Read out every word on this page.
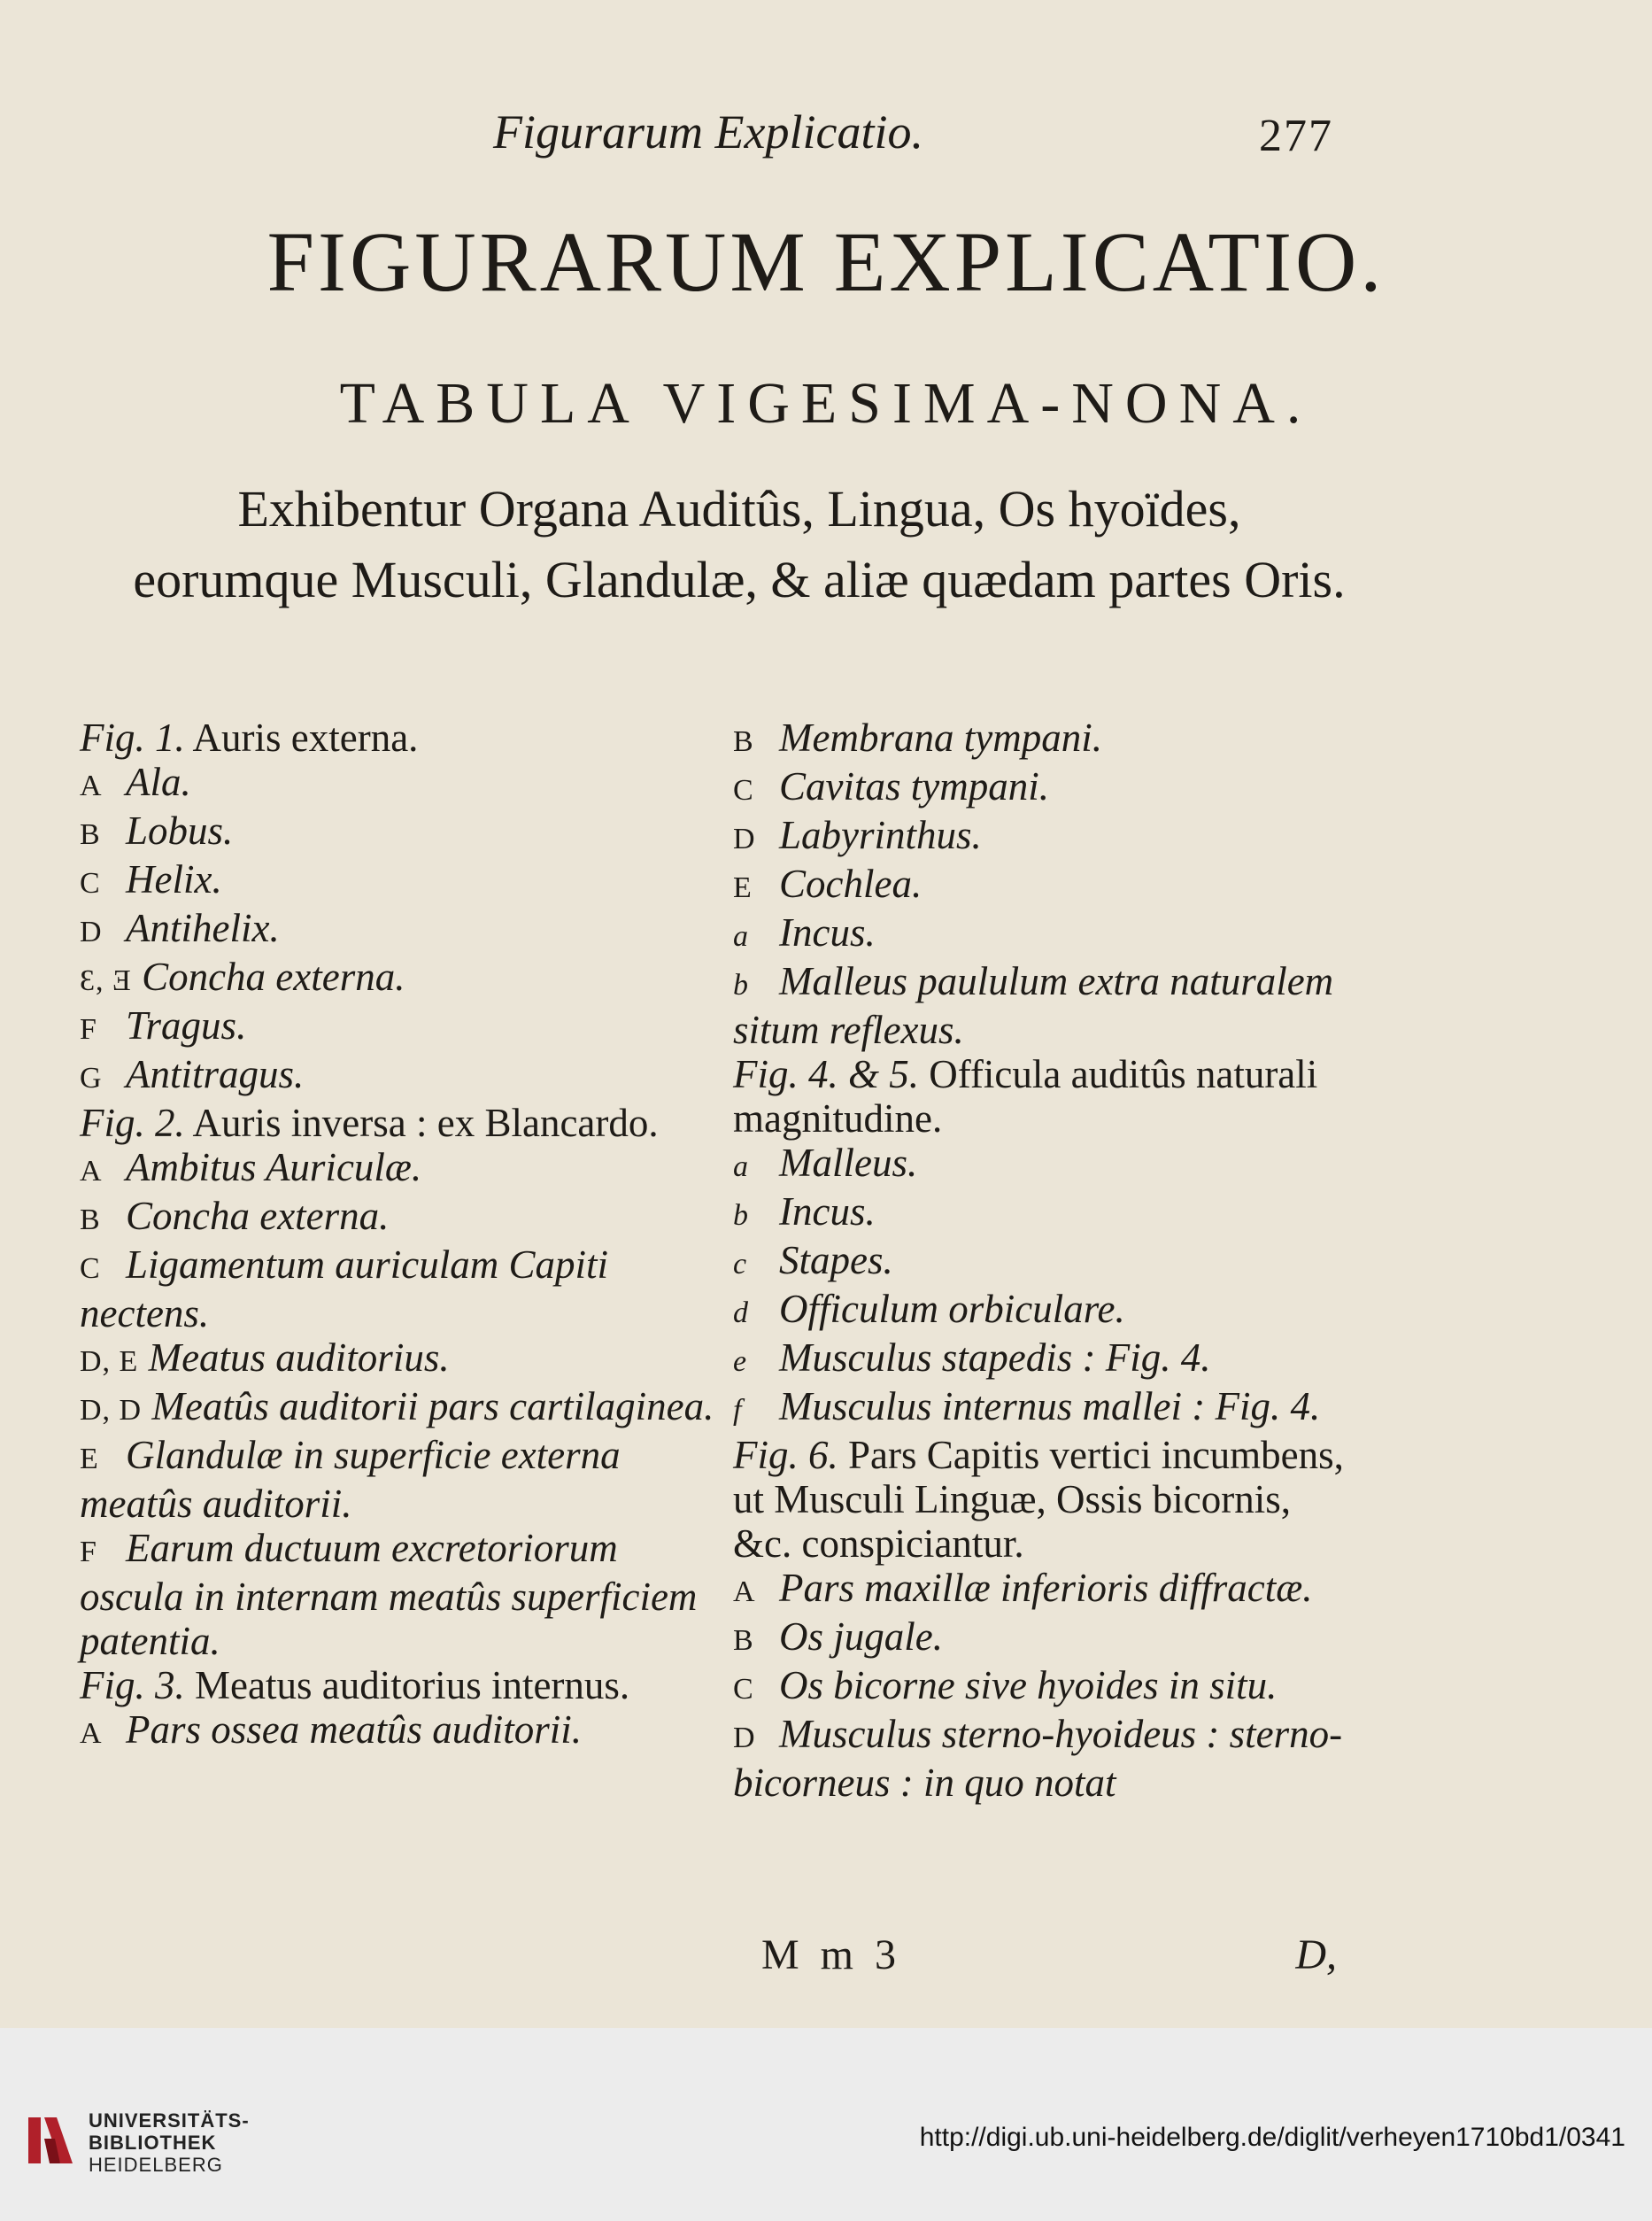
Figurarum Explicatio.	277
FIGURARUM EXPLICATIO.
TABULA VIGESIMA-NONA.
Exhibentur Organa Auditûs, Lingua, Os hyoïdes, eorumque Musculi, Glandulæ, & aliæ quædam partes Oris.
Fig. 1. Auris externa.
A Ala.
B Lobus.
C Helix.
D Antihelix.
Ɛ, Ǝ Concha externa.
F Tragus.
G Antitragus.
Fig. 2. Auris inversa : ex Blancardo.
A Ambitus Auriculæ.
B Concha externa.
C Ligamentum auriculam Capiti nectens.
D, E Meatus auditorius.
D, D Meatûs auditorii pars cartilaginea.
E Glandulæ in superficie externa meatûs auditorii.
F Earum ductuum excretoriorum oscula in internam meatûs superficiem patentia.
Fig. 3. Meatus auditorius internus.
A Pars ossea meatûs auditorii.
B Membrana tympani.
C Cavitas tympani.
D Labyrinthus.
E Cochlea.
a Incus.
b Malleus paululum extra naturalem situm reflexus.
Fig. 4. & 5. Officula auditûs naturali magnitudine.
a Malleus.
b Incus.
c Stapes.
d Officulum orbiculare.
e Musculus stapedis : Fig. 4.
f Musculus internus mallei : Fig. 4.
Fig. 6. Pars Capitis vertici incumbens, ut Musculi Linguæ, Ossis bicornis, &c. conspiciantur.
A Pars maxillæ inferioris diffractæ.
B Os jugale.
C Os bicorne sive hyoides in situ.
D Musculus sterno-hyoideus : sterno-bicorneus : in quo notat
M m 3	D,
UNIVERSITÄTS-
BIBLIOTHEK
HEIDELBERG
http://digi.ub.uni-heidelberg.de/diglit/verheyen1710bd1/0341
